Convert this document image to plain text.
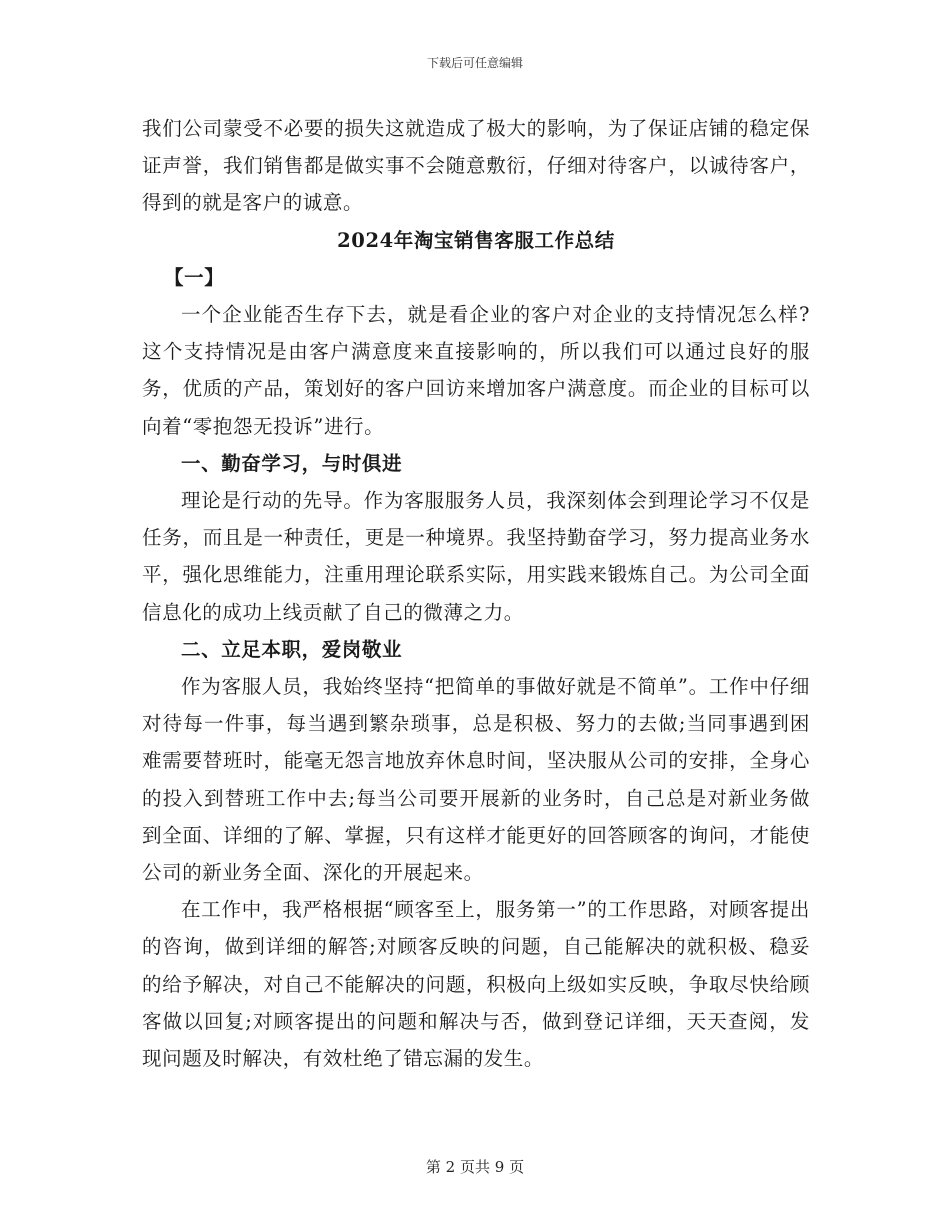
下载后可任意编辑

我们公司蒙受不必要的损失这就造成了极大的影响，为了保证店铺的稳定保证声誉，我们销售都是做实事不会随意敷衍，仔细对待客户，以诚待客户，得到的就是客户的诚意。

2024年淘宝销售客服工作总结

【一】

一个企业能否生存下去，就是看企业的客户对企业的支持情况怎么样?这个支持情况是由客户满意度来直接影响的，所以我们可以通过良好的服务，优质的产品，策划好的客户回访来增加客户满意度。而企业的目标可以向着“零抱怨无投诉”进行。

一、勤奋学习，与时俱进

理论是行动的先导。作为客服服务人员，我深刻体会到理论学习不仅是任务，而且是一种责任，更是一种境界。我坚持勤奋学习，努力提高业务水平，强化思维能力，注重用理论联系实际，用实践来锻炼自己。为公司全面信息化的成功上线贡献了自己的微薄之力。

二、立足本职，爱岗敬业

作为客服人员，我始终坚持“把简单的事做好就是不简单”。工作中仔细对待每一件事，每当遇到繁杂琐事，总是积极、努力的去做;当同事遇到困难需要替班时，能毫无怨言地放弃休息时间，坚决服从公司的安排，全身心的投入到替班工作中去;每当公司要开展新的业务时，自己总是对新业务做到全面、详细的了解、掌握，只有这样才能更好的回答顾客的询问，才能使公司的新业务全面、深化的开展起来。

在工作中，我严格根据“顾客至上，服务第一”的工作思路，对顾客提出的咨询，做到详细的解答;对顾客反映的问题，自己能解决的就积极、稳妥的给予解决，对自己不能解决的问题，积极向上级如实反映，争取尽快给顾客做以回复;对顾客提出的问题和解决与否，做到登记详细，天天查阅，发现问题及时解决，有效杜绝了错忘漏的发生。

第 2 页共 9 页
